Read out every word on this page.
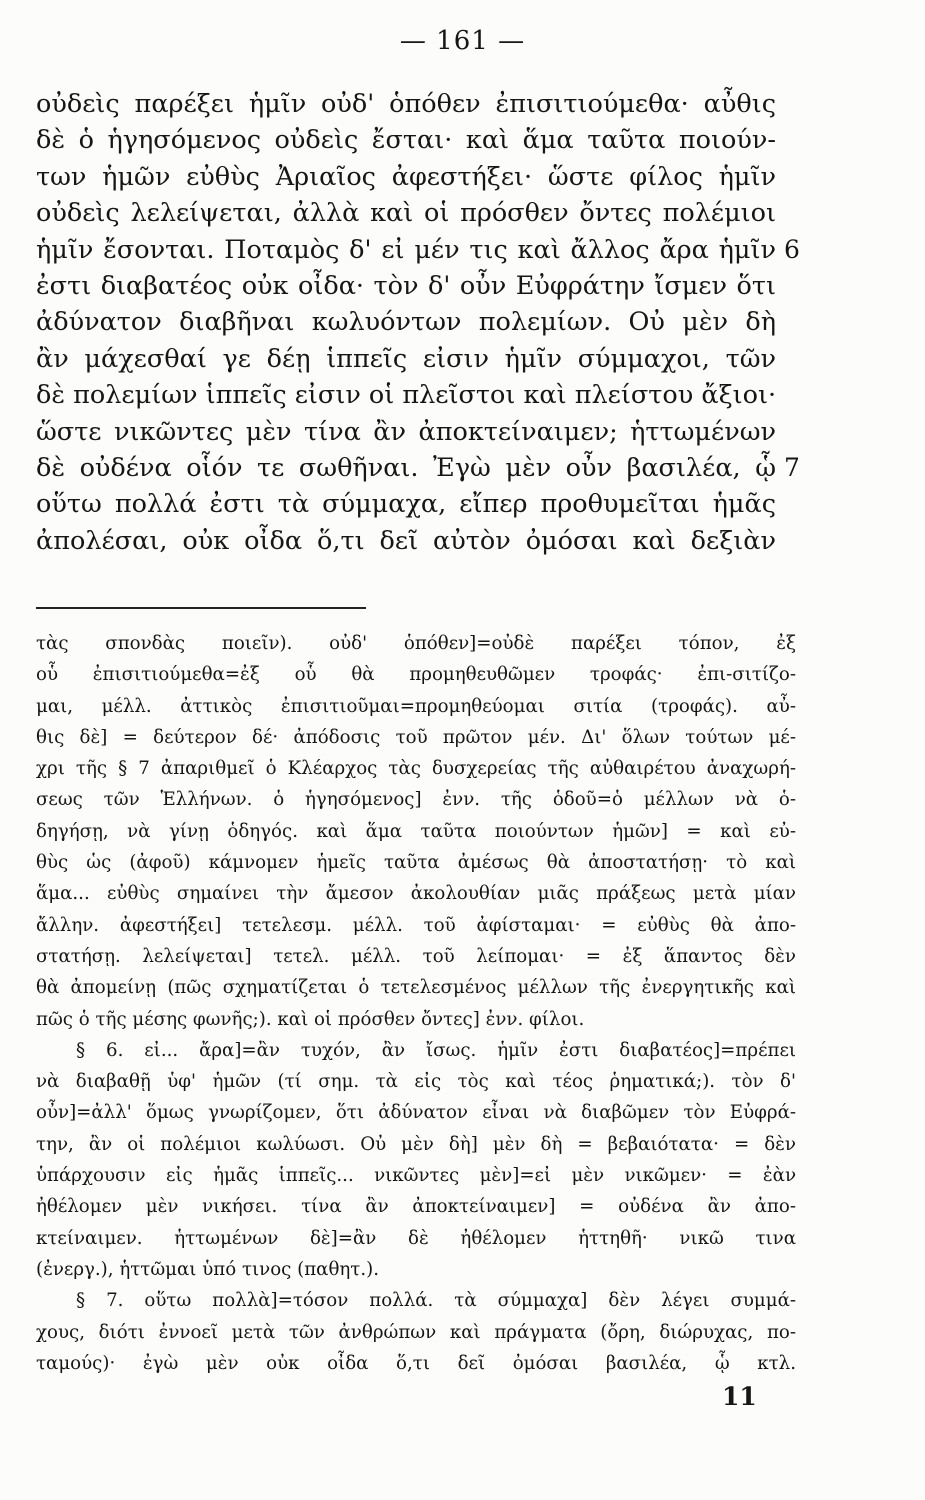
— 161 —
οὐδεὶς παρέξει ἡμῖν οὐδ' ὁπόθεν ἐπισιτιούμεθα· αὖθις
δὲ ὁ ἡγησόμενος οὐδεὶς ἔσται· καὶ ἅμα ταῦτα ποιούν-
των ἡμῶν εὐθὺς Ἀριαῖος ἀφεστήξει· ὥστε φίλος ἡμῖν
οὐδεὶς λελείψεται, ἀλλὰ καὶ οἱ πρόσθεν ὄντες πολέμιοι
ἡμῖν ἔσονται. Ποταμὸς δ' εἰ μέν τις καὶ ἄλλος ἄρα ἡμῖν
ἐστι διαβατέος οὐκ οἶδα· τὸν δ' οὖν Εὐφράτην ἴσμεν ὅτι
ἀδύνατον διαβῆναι κωλυόντων πολεμίων. Οὐ μὲν δὴ
ἂν μάχεσθαί γε δέῃ ἱππεῖς εἰσιν ἡμῖν σύμμαχοι, τῶν
δὲ πολεμίων ἱππεῖς εἰσιν οἱ πλεῖστοι καὶ πλείστου ἄξιοι·
ὥστε νικῶντες μὲν τίνα ἂν ἀποκτείναιμεν; ἡττωμένων
δὲ οὐδένα οἷόν τε σωθῆναι. Ἐγὼ μὲν οὖν βασιλέα, ᾧ
οὕτω πολλά ἐστι τὰ σύμμαχα, εἴπερ προθυμεῖται ἡμᾶς
ἀπολέσαι, οὐκ οἶδα ὅ,τι δεῖ αὐτὸν ὀμόσαι καὶ δεξιὰν
6
7
τὰς σπονδὰς ποιεῖν). οὐδ' ὁπόθεν]=οὐδὲ παρέξει τόπον, ἐξ
οὗ ἐπισιτιούμεθα=ἐξ οὗ θὰ προμηθευθῶμεν τροφάς· ἐπι-σιτίζο-
μαι, μέλλ. ἀττικὸς ἐπισιτιοῦμαι=προμηθεύομαι σιτία (τροφάς). αὖ-
θις δὲ] = δεύτερον δέ· ἀπόδοσις τοῦ πρῶτον μέν. Δι' ὅλων τούτων μέ-
χρι τῆς § 7 ἀπαριθμεῖ ὁ Κλέαρχος τὰς δυσχερείας τῆς αὐθαιρέτου ἀναχωρή-
σεως τῶν Ἑλλήνων. ὁ ἡγησόμενος] ἐνν. τῆς ὁδοῦ=ὁ μέλλων νὰ ὁ-
δηγήσῃ, νὰ γίνῃ ὁδηγός. καὶ ἅμα ταῦτα ποιούντων ἡμῶν] = καὶ εὐ-
θὺς ὡς (ἀφοῦ) κάμνομεν ἡμεῖς ταῦτα ἀμέσως θὰ ἀποστατήσῃ· τὸ καὶ
ἅμα... εὐθὺς σημαίνει τὴν ἄμεσον ἀκολουθίαν μιᾶς πράξεως μετὰ μίαν
ἄλλην. ἀφεστήξει] τετελεσμ. μέλλ. τοῦ ἀφίσταμαι· = εὐθὺς θὰ ἀπο-
στατήσῃ. λελείψεται] τετελ. μέλλ. τοῦ λείπομαι· = ἐξ ἅπαντος δὲν
θὰ ἀπομείνῃ (πῶς σχηματίζεται ὁ τετελεσμένος μέλλων τῆς ἐνεργητικῆς καὶ
πῶς ὁ τῆς μέσης φωνῆς;). καὶ οἱ πρόσθεν ὄντες] ἐνν. φίλοι.
§ 6. εἰ... ἄρα]=ἂν τυχόν, ἂν ἴσως. ἡμῖν ἐστι διαβατέος]=πρέπει
νὰ διαβαθῇ ὑφ' ἡμῶν (τί σημ. τὰ εἰς τὸς καὶ τέος ῥηματικά;). τὸν δ'
οὖν]=ἀλλ' ὅμως γνωρίζομεν, ὅτι ἀδύνατον εἶναι νὰ διαβῶμεν τὸν Εὐφρά-
την, ἂν οἱ πολέμιοι κωλύωσι. Οὐ μὲν δὴ] μὲν δὴ = βεβαιότατα· = δὲν
ὑπάρχουσιν εἰς ἡμᾶς ἱππεῖς... νικῶντες μὲν]=εἰ μὲν νικῶμεν· = ἐὰν
ἠθέλομεν μὲν νικήσει. τίνα ἂν ἀποκτείναιμεν] = οὐδένα ἂν ἀπο-
κτείναιμεν. ἡττωμένων δὲ]=ἂν δὲ ἠθέλομεν ἡττηθῆ· νικῶ τινα
(ἐνεργ.), ἡττῶμαι ὑπό τινος (παθητ.).
§ 7. οὕτω πολλὰ]=τόσον πολλά. τὰ σύμμαχα] δὲν λέγει συμμά-
χους, διότι ἐννοεῖ μετὰ τῶν ἀνθρώπων καὶ πράγματα (ὄρη, διώρυχας, πο-
ταμούς)· ἐγὼ μὲν οὐκ οἶδα ὅ,τι δεῖ ὀμόσαι βασιλέα, ᾧ κτλ.
11
